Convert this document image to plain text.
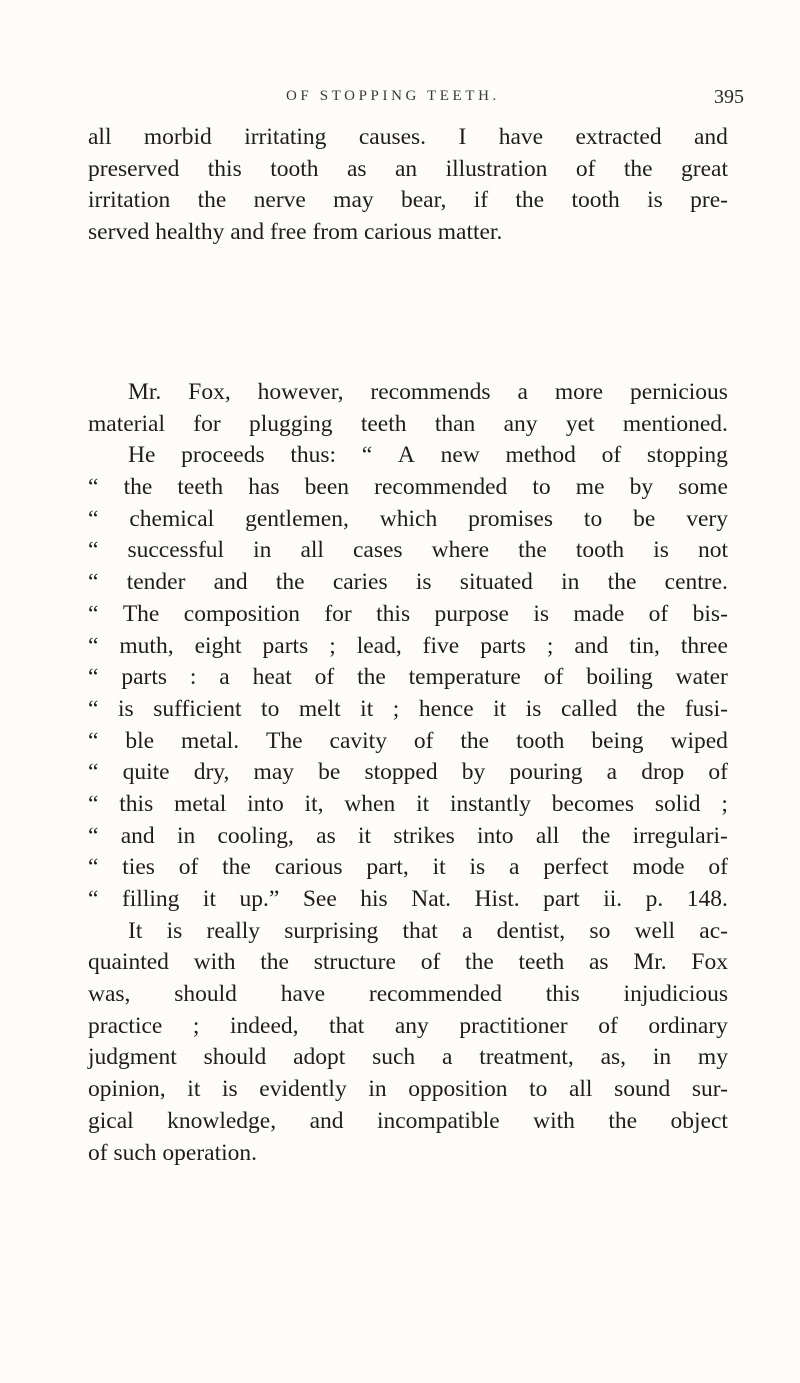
OF STOPPING TEETH.	395
all morbid irritating causes. I have extracted and
preserved this tooth as an illustration of the great
irritation the nerve may bear, if the tooth is pre-
served healthy and free from carious matter.
Mr. Fox, however, recommends a more pernicious
material for plugging teeth than any yet mentioned.
He proceeds thus: “ A new method of stopping
“ the teeth has been recommended to me by some
“ chemical gentlemen, which promises to be very
“ successful in all cases where the tooth is not
“ tender and the caries is situated in the centre.
“ The composition for this purpose is made of bis-
“ muth, eight parts ; lead, five parts ; and tin, three
“ parts : a heat of the temperature of boiling water
“ is sufficient to melt it ; hence it is called the fusi-
“ ble metal. The cavity of the tooth being wiped
“ quite dry, may be stopped by pouring a drop of
“ this metal into it, when it instantly becomes solid ;
“ and in cooling, as it strikes into all the irregulari-
“ ties of the carious part, it is a perfect mode of
“ filling it up.” See his Nat. Hist. part ii. p. 148.
It is really surprising that a dentist, so well ac-
quainted with the structure of the teeth as Mr. Fox
was, should have recommended this injudicious
practice ; indeed, that any practitioner of ordinary
judgment should adopt such a treatment, as, in my
opinion, it is evidently in opposition to all sound sur-
gical knowledge, and incompatible with the object
of such operation.
